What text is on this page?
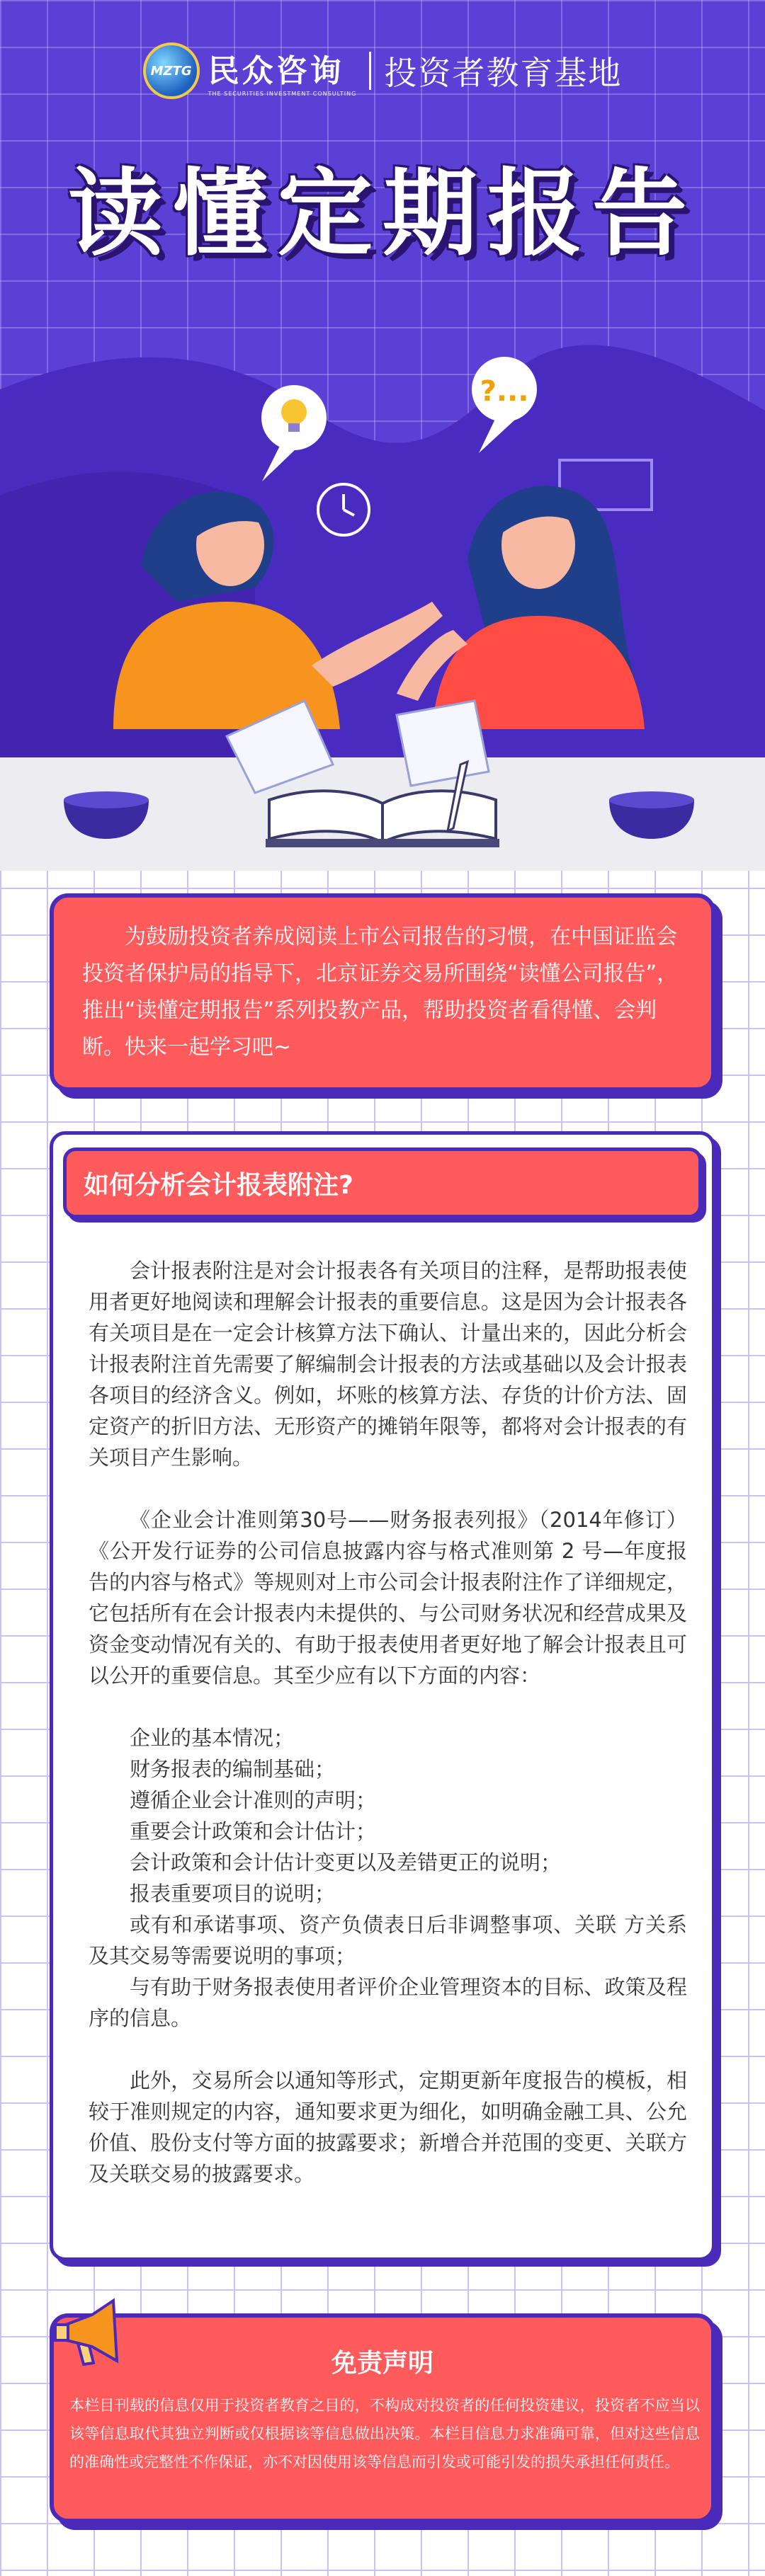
MZTG 民众咨询
THE SECURITIES INVESTMENT CONSULTING
投资者教育基地
读懂定期报告
?...

为鼓励投资者养成阅读上市公司报告的习惯，在中国证监会投资者保护局的指导下，北京证券交易所围绕“读懂公司报告”，推出“读懂定期报告”系列投教产品，帮助投资者看得懂、会判断。快来一起学习吧~

如何分析会计报表附注?

会计报表附注是对会计报表各有关项目的注释，是帮助报表使用者更好地阅读和理解会计报表的重要信息。这是因为会计报表各有关项目是在一定会计核算方法下确认、计量出来的，因此分析会计报表附注首先需要了解编制会计报表的方法或基础以及会计报表各项目的经济含义。例如，坏账的核算方法、存货的计价方法、固定资产的折旧方法、无形资产的摊销年限等，都将对会计报表的有关项目产生影响。

《企业会计准则第30号——财务报表列报》（2014年修订）《公开发行证券的公司信息披露内容与格式准则第 2 号—年度报告的内容与格式》等规则对上市公司会计报表附注作了详细规定，它包括所有在会计报表内未提供的、与公司财务状况和经营成果及资金变动情况有关的、有助于报表使用者更好地了解会计报表且可以公开的重要信息。其至少应有以下方面的内容：

企业的基本情况；
财务报表的编制基础；
遵循企业会计准则的声明；
重要会计政策和会计估计；
会计政策和会计估计变更以及差错更正的说明；
报表重要项目的说明；
或有和承诺事项、资产负债表日后非调整事项、关联 方关系及其交易等需要说明的事项；
与有助于财务报表使用者评价企业管理资本的目标、政策及程序的信息。

此外，交易所会以通知等形式，定期更新年度报告的模板，相较于准则规定的内容，通知要求更为细化，如明确金融工具、公允价值、股份支付等方面的披露要求；新增合并范围的变更、关联方及关联交易的披露要求。

免责声明
本栏目刊载的信息仅用于投资者教育之目的，不构成对投资者的任何投资建议，投资者不应当以该等信息取代其独立判断或仅根据该等信息做出决策。本栏目信息力求准确可靠，但对这些信息的准确性或完整性不作保证，亦不对因使用该等信息而引发或可能引发的损失承担任何责任。
